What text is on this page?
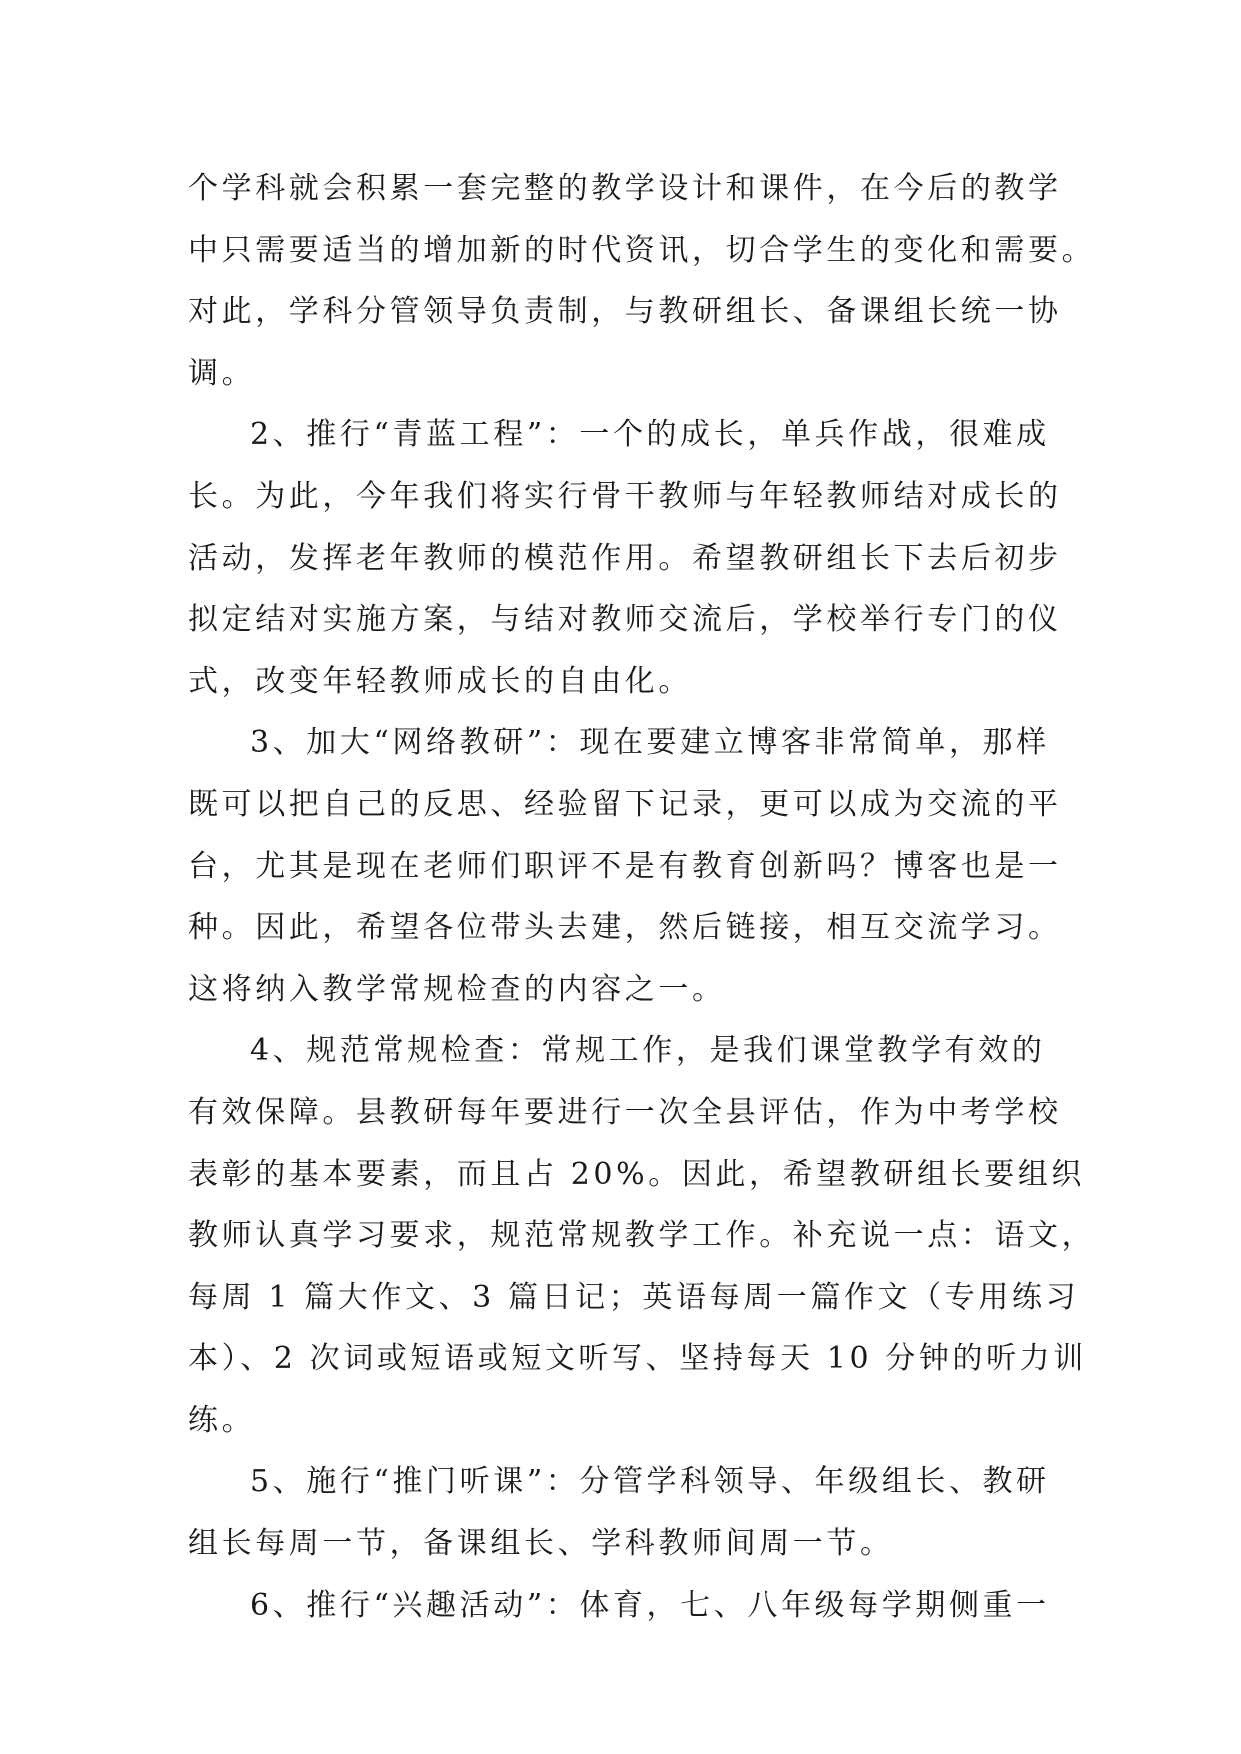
个学科就会积累一套完整的教学设计和课件，在今后的教学
中只需要适当的增加新的时代资讯，切合学生的变化和需要。
对此，学科分管领导负责制，与教研组长、备课组长统一协
调。
2、推行“青蓝工程”：一个的成长，单兵作战，很难成
长。为此，今年我们将实行骨干教师与年轻教师结对成长的
活动，发挥老年教师的模范作用。希望教研组长下去后初步
拟定结对实施方案，与结对教师交流后，学校举行专门的仪
式，改变年轻教师成长的自由化。
3、加大“网络教研”：现在要建立博客非常简单，那样
既可以把自己的反思、经验留下记录，更可以成为交流的平
台，尤其是现在老师们职评不是有教育创新吗？博客也是一
种。因此，希望各位带头去建，然后链接，相互交流学习。
这将纳入教学常规检查的内容之一。
4、规范常规检查：常规工作，是我们课堂教学有效的
有效保障。县教研每年要进行一次全县评估，作为中考学校
表彰的基本要素，而且占 20%。因此，希望教研组长要组织
教师认真学习要求，规范常规教学工作。补充说一点：语文，
每周 1 篇大作文、3 篇日记；英语每周一篇作文（专用练习
本）、2 次词或短语或短文听写、坚持每天 10 分钟的听力训
练。
5、施行“推门听课”：分管学科领导、年级组长、教研
组长每周一节，备课组长、学科教师间周一节。
6、推行“兴趣活动”：体育，七、八年级每学期侧重一
